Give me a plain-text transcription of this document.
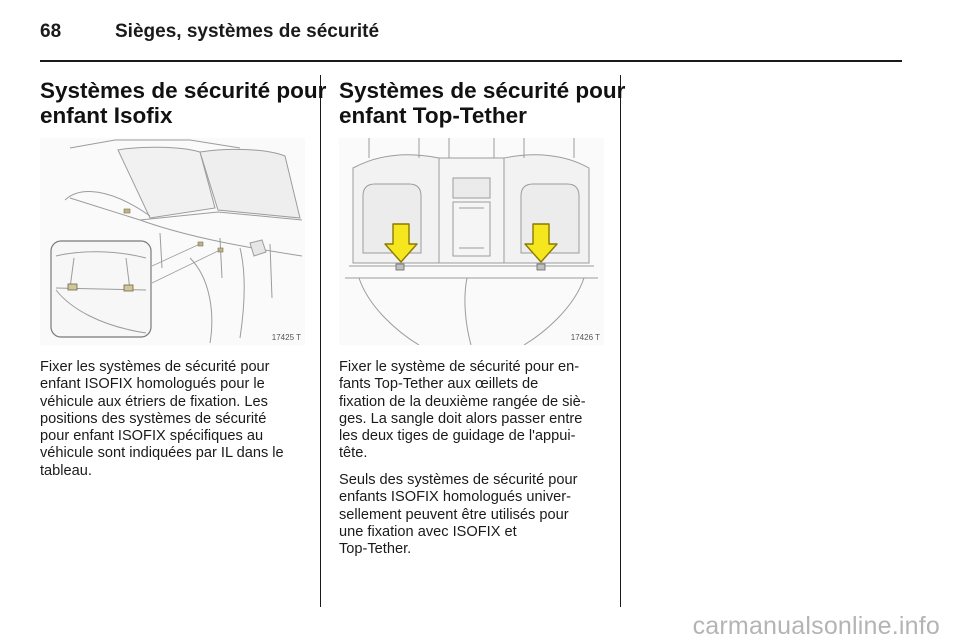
68	Sièges, systèmes de sécurité
Systèmes de sécurité pour
enfant Isofix
17425 T

Fixer les systèmes de sécurité pour
enfant ISOFIX homologués pour le
véhicule aux étriers de fixation. Les
positions des systèmes de sécurité
pour enfant ISOFIX spécifiques au
véhicule sont indiquées par IL dans le
tableau.

Systèmes de sécurité pour
enfant Top-Tether
17426 T

Fixer le système de sécurité pour en-
fants Top-Tether aux œillets de
fixation de la deuxième rangée de siè-
ges. La sangle doit alors passer entre
les deux tiges de guidage de l'appui-
tête.

Seuls des systèmes de sécurité pour
enfants ISOFIX homologués univer-
sellement peuvent être utilisés pour
une fixation avec ISOFIX et
Top-Tether.

carmanualsonline.info
